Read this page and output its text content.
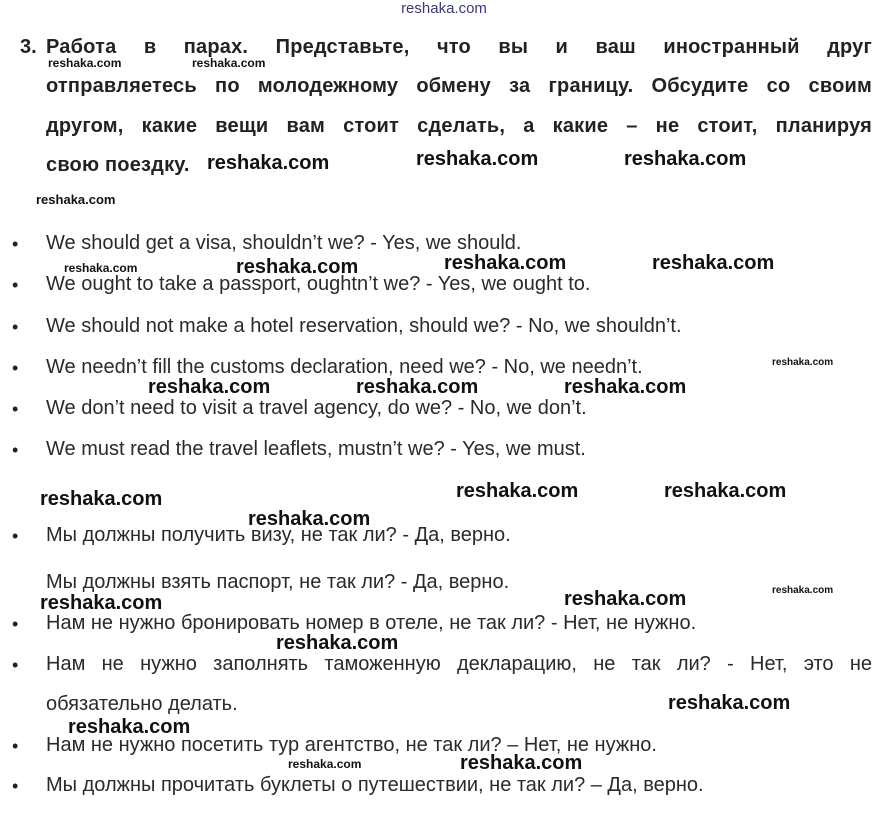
reshaka.com
3. Работа в парах. Представьте, что вы и ваш иностранный друг
отправляетесь по молодежному обмену за границу. Обсудите со своим
другом, какие вещи вам стоит сделать, а какие – не стоит, планируя
свою поездку.
• We should get a visa, shouldn’t we? - Yes, we should.
• We ought to take a passport, oughtn’t we? - Yes, we ought to.
• We should not make a hotel reservation, should we? - No, we shouldn’t.
• We needn’t fill the customs declaration, need we? - No, we needn’t.
• We don’t need to visit a travel agency, do we? - No, we don’t.
• We must read the travel leaflets, mustn’t we? - Yes, we must.
• Мы должны получить визу, не так ли? - Да, верно.
Мы должны взять паспорт, не так ли? - Да, верно.
• Нам не нужно бронировать номер в отеле, не так ли? - Нет, не нужно.
• Нам не нужно заполнять таможенную декларацию, не так ли? - Нет, это не
обязательно делать.
• Нам не нужно посетить тур агентство, не так ли? – Нет, не нужно.
• Мы должны прочитать буклеты о путешествии, не так ли? – Да, верно.
reshaka.com	reshaka.com
reshaka.com	reshaka.com	reshaka.com
reshaka.com
reshaka.com	reshaka.com	reshaka.com	reshaka.com
reshaka.com
reshaka.com	reshaka.com	reshaka.com
reshaka.com	reshaka.com	reshaka.com
reshaka.com
reshaka.com
reshaka.com	reshaka.com
reshaka.com
reshaka.com
reshaka.com
reshaka.com	reshaka.com
